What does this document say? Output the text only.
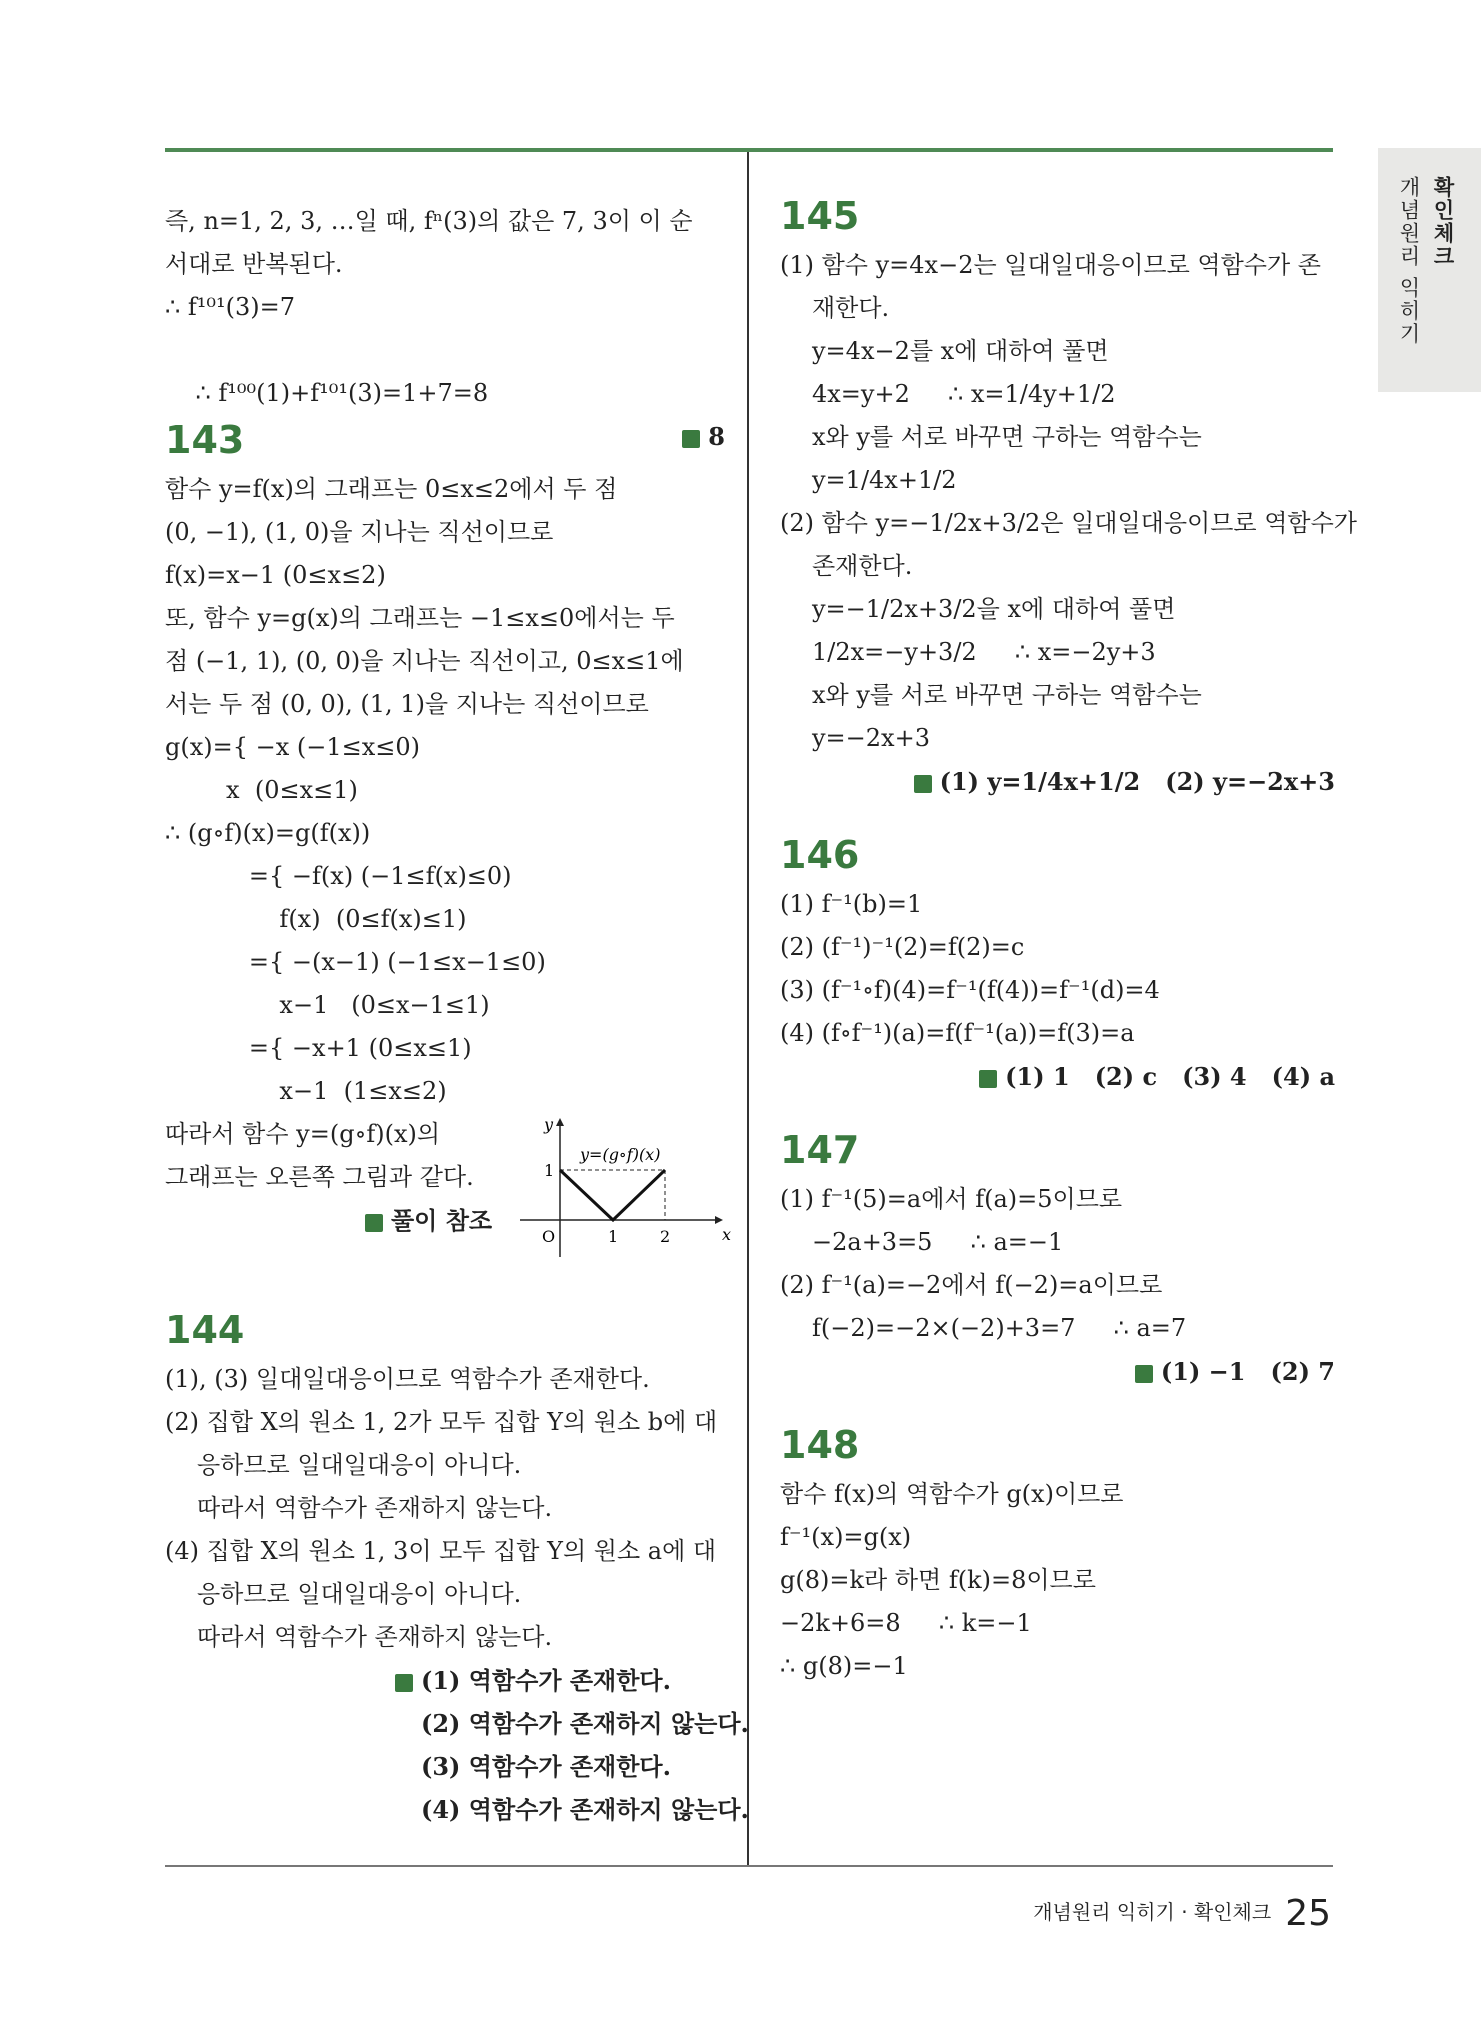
확인체크
개념원리 익히기
즉, n=1, 2, 3, …일 때, fⁿ(3)의 값은 7, 3이 이 순
서대로 반복된다.
∴ f¹⁰¹(3)=7

∴ f¹⁰⁰(1)+f¹⁰¹(3)=1+7=8

8

143
함수 y=f(x)의 그래프는 0≤x≤2에서 두 점
(0, −1), (1, 0)을 지나는 직선이므로
f(x)=x−1 (0≤x≤2)
또, 함수 y=g(x)의 그래프는 −1≤x≤0에서는 두
점 (−1, 1), (0, 0)을 지나는 직선이고, 0≤x≤1에
서는 두 점 (0, 0), (1, 1)을 지나는 직선이므로
g(x)={ −x (−1≤x≤0)
x  (0≤x≤1)
∴ (g∘f)(x)=g(f(x))
={ −f(x) (−1≤f(x)≤0)
f(x)  (0≤f(x)≤1)
={ −(x−1) (−1≤x−1≤0)
x−1   (0≤x−1≤1)
={ −x+1 (0≤x≤1)
x−1  (1≤x≤2)
따라서 함수 y=(g∘f)(x)의
그래프는 오른쪽 그림과 같다.
풀이 참조
144
(1), (3) 일대일대응이므로 역함수가 존재한다.
(2) 집합 X의 원소 1, 2가 모두 집합 Y의 원소 b에 대
응하므로 일대일대응이 아니다.
따라서 역함수가 존재하지 않는다.
(4) 집합 X의 원소 1, 3이 모두 집합 Y의 원소 a에 대
응하므로 일대일대응이 아니다.
따라서 역함수가 존재하지 않는다.
(1) 역함수가 존재한다.
(2) 역함수가 존재하지 않는다.
(3) 역함수가 존재한다.
(4) 역함수가 존재하지 않는다.
y=(g∘f)(x)
y
x
O	1	2
1
145
(1) 함수 y=4x−2는 일대일대응이므로 역함수가 존
재한다.
y=4x−2를 x에 대하여 풀면
4x=y+2     ∴ x=1/4y+1/2
x와 y를 서로 바꾸면 구하는 역함수는
y=1/4x+1/2
(2) 함수 y=−1/2x+3/2은 일대일대응이므로 역함수가
존재한다.
y=−1/2x+3/2을 x에 대하여 풀면
1/2x=−y+3/2     ∴ x=−2y+3
x와 y를 서로 바꾸면 구하는 역함수는
y=−2x+3
(1) y=1/4x+1/2   (2) y=−2x+3
146
(1) f⁻¹(b)=1
(2) (f⁻¹)⁻¹(2)=f(2)=c
(3) (f⁻¹∘f)(4)=f⁻¹(f(4))=f⁻¹(d)=4
(4) (f∘f⁻¹)(a)=f(f⁻¹(a))=f(3)=a
(1) 1   (2) c   (3) 4   (4) a
147
(1) f⁻¹(5)=a에서 f(a)=5이므로
−2a+3=5     ∴ a=−1
(2) f⁻¹(a)=−2에서 f(−2)=a이므로
f(−2)=−2×(−2)+3=7     ∴ a=7
(1) −1   (2) 7
148
함수 f(x)의 역함수가 g(x)이므로
f⁻¹(x)=g(x)
g(8)=k라 하면 f(k)=8이므로
−2k+6=8     ∴ k=−1
∴ g(8)=−1
개념원리 익히기 · 확인체크 25
